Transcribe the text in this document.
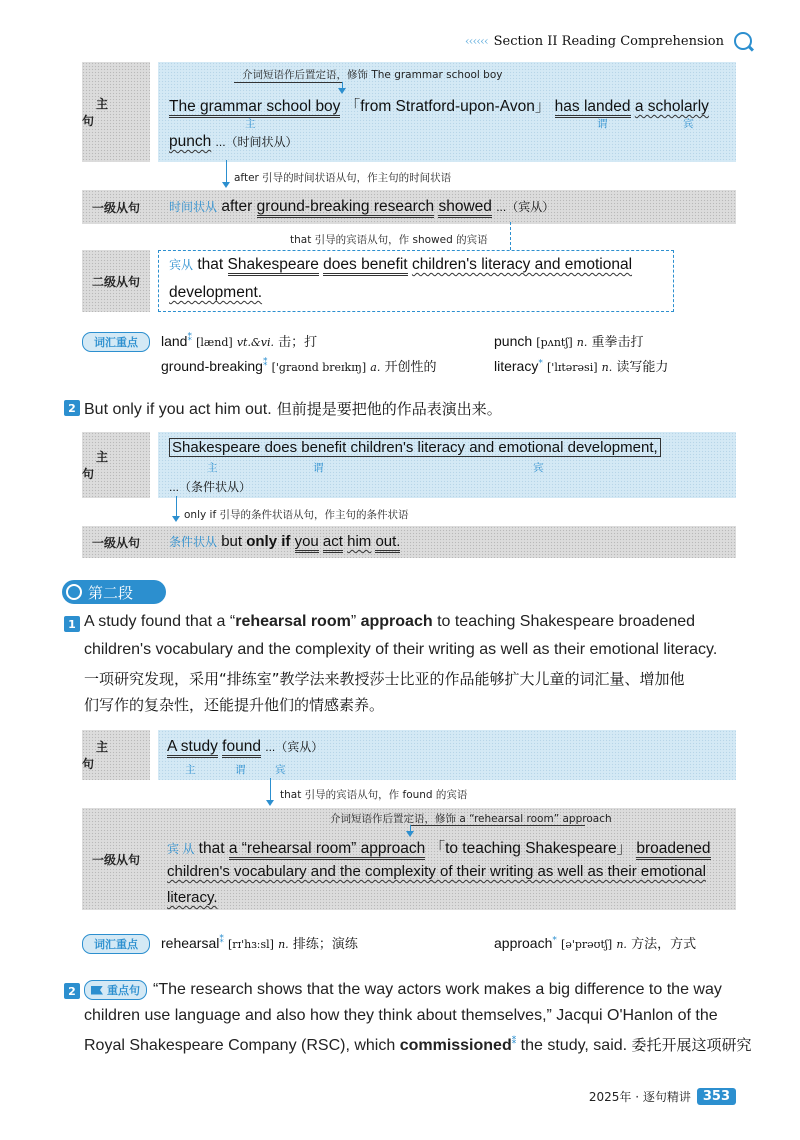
‹‹‹‹‹‹ Section II Reading Comprehension
主 句
介词短语作后置定语，修饰 The grammar school boy
The grammar school boy 「from Stratford-upon-Avon」 has landed a scholarly
主	谓	宾
punch ...（时间状从）
after 引导的时间状语从句，作主句的时间状语
一级从句	时间状从 after ground-breaking research showed ...（宾从）
that 引导的宾语从句，作 showed 的宾语
二级从句
宾从 that Shakespeare does benefit children's literacy and emotional
development.
词汇重点	land⁑ [lænd] vt.&vi. 击；打	punch [pʌntʃ] n. 重拳击打
ground-breaking⁑ ['graʊnd breɪkɪŋ] a. 开创性的	literacy* ['lɪtərəsi] n. 读写能力
2 But only if you act him out. 但前提是要把他的作品表演出来。
主 句
Shakespeare does benefit children's literacy and emotional development,
主	谓	宾
...（条件状从）
only if 引导的条件状语从句，作主句的条件状语
一级从句	条件状从 but only if you act him out.
第二段
1 A study found that a “rehearsal room” approach to teaching Shakespeare broadened
children's vocabulary and the complexity of their writing as well as their emotional literacy.
一项研究发现，采用“排练室”教学法来教授莎士比亚的作品能够扩大儿童的词汇量、增加他
们写作的复杂性，还能提升他们的情感素养。
主 句
A study found ...（宾从）
主	谓	宾
that 引导的宾语从句，作 found 的宾语
一级从句
介词短语作后置定语，修饰 a “rehearsal room” approach
宾 从 that a “rehearsal room” approach 「to teaching Shakespeare」 broadened
children's vocabulary and the complexity of their writing as well as their emotional
literacy.
词汇重点	rehearsal⁑ [rɪ'hɜːsl] n. 排练；演练	approach* [ə'prəʊtʃ] n. 方法，方式
2	重点句 “The research shows that the way actors work makes a big difference to the way
children use language and also how they think about themselves,” Jacqui O'Hanlon of the
Royal Shakespeare Company (RSC), which commissioned⁑ the study, said. 委托开展这项研究
2025年 · 逐句精讲 353
